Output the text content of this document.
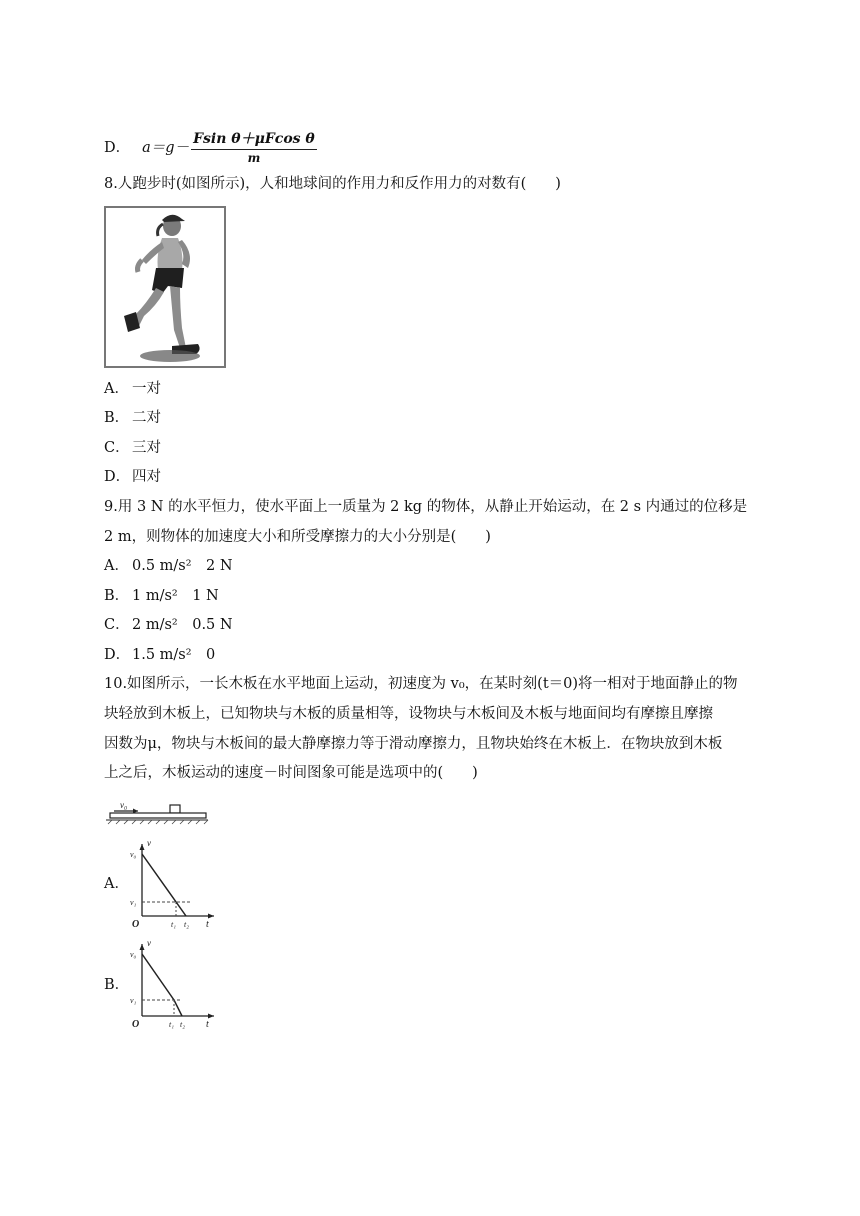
D． $a=g- \frac{\text{Fsin θ＋μFcos θ}}{m}$
8.人跑步时(如图所示)，人和地球间的作用力和反作用力的对数有(　　)
A． 一对
B． 二对
C． 三对
D． 四对
9.用 3 N 的水平恒力，使水平面上一质量为 2 kg 的物体，从静止开始运动，在 2 s 内通过的位移是
2 m，则物体的加速度大小和所受摩擦力的大小分别是(　　)
A． 0.5 m/s²　2 N
B． 1 m/s²　1 N
C． 2 m/s²　0.5 N
D． 1.5 m/s²　0
10.如图所示，一长木板在水平地面上运动，初速度为 v₀，在某时刻(t＝0)将一相对于地面静止的物
块轻放到木板上，已知物块与木板的质量相等，设物块与木板间及木板与地面间均有摩擦且摩擦
因数为μ，物块与木板间的最大静摩擦力等于滑动摩擦力，且物块始终在木板上．在物块放到木板
上之后，木板运动的速度－时间图象可能是选项中的(　　)
v₀
A．
v
v₀
v₁
O	t₁ t₂ t
B．
v
v₀
v₁
O	t₁ t₂ t
